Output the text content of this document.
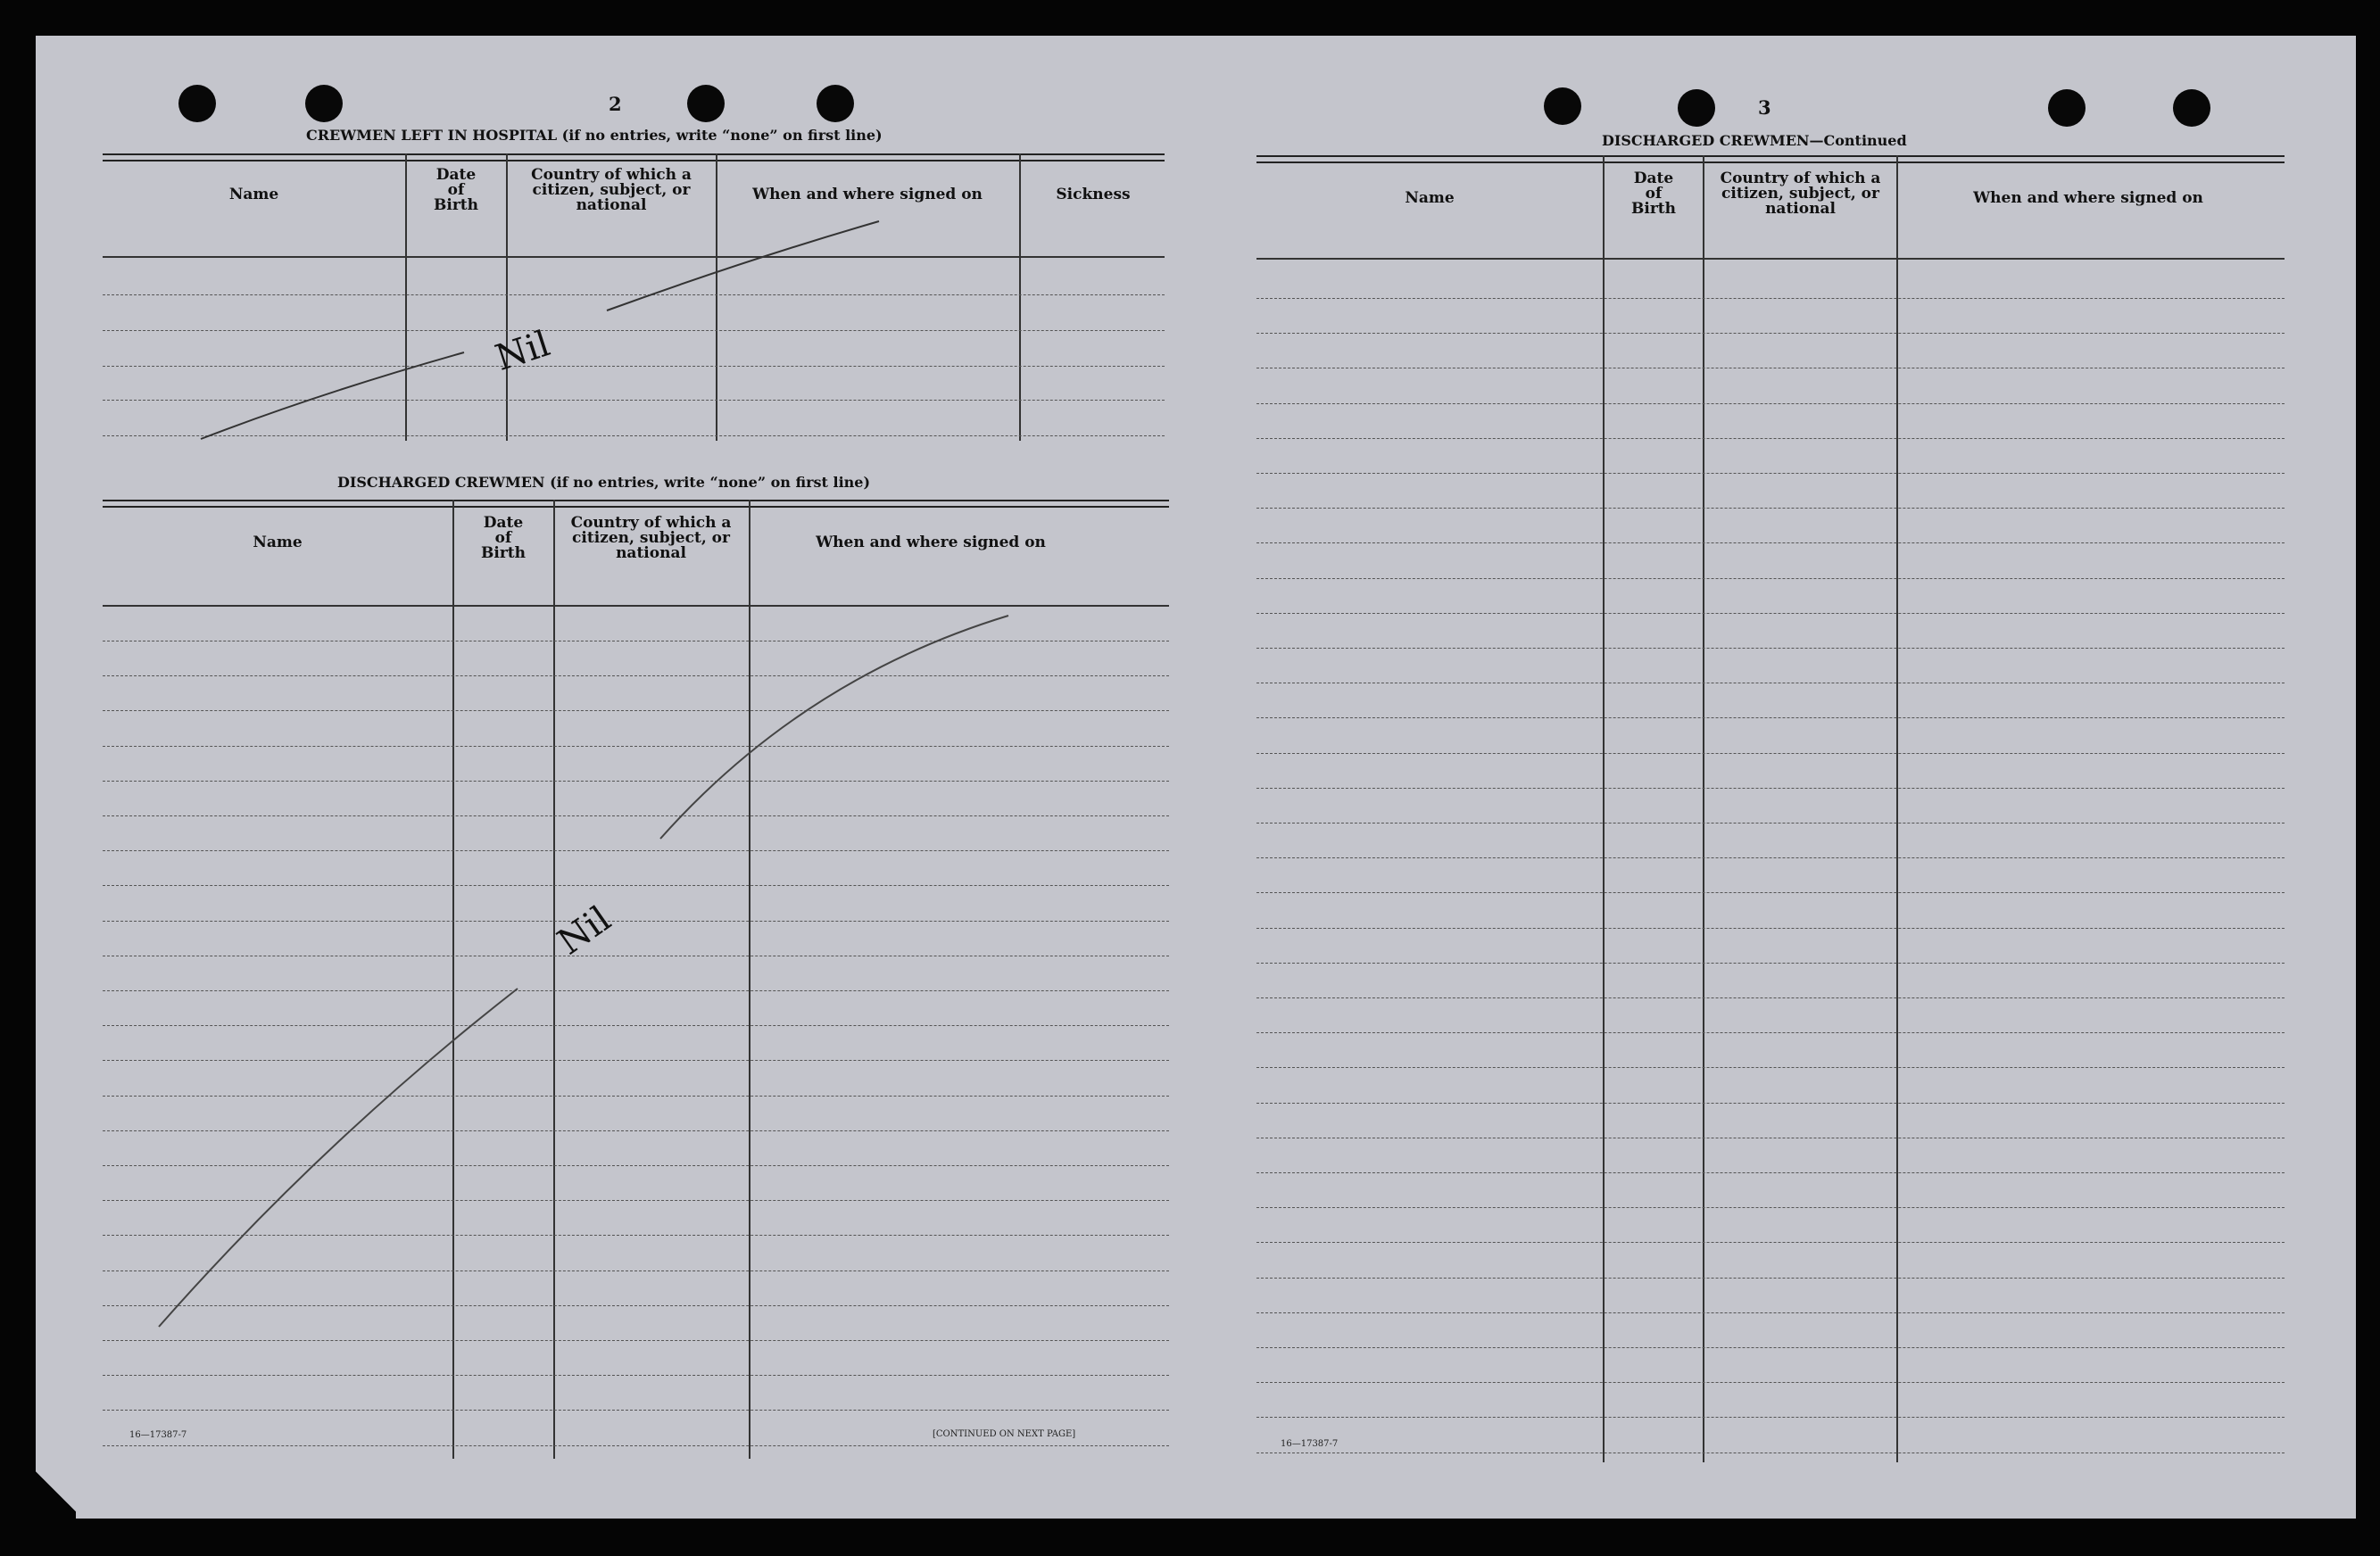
2
CREWMEN LEFT IN HOSPITAL (if no entries, write “none” on first line)
Name
Date of Birth
Country of which a citizen, subject, or national
When and where signed on	Sickness
DISCHARGED CREWMEN (if no entries, write “none” on first line)
Name
Date of Birth
Country of which a citizen, subject, or national
When and where signed on
16—17387-7	[CONTINUED ON NEXT PAGE]
3
DISCHARGED CREWMEN—Continued
Name
Date of Birth
Country of which a citizen, subject, or national
When and where signed on
16—17387-7
Nil
Nil
